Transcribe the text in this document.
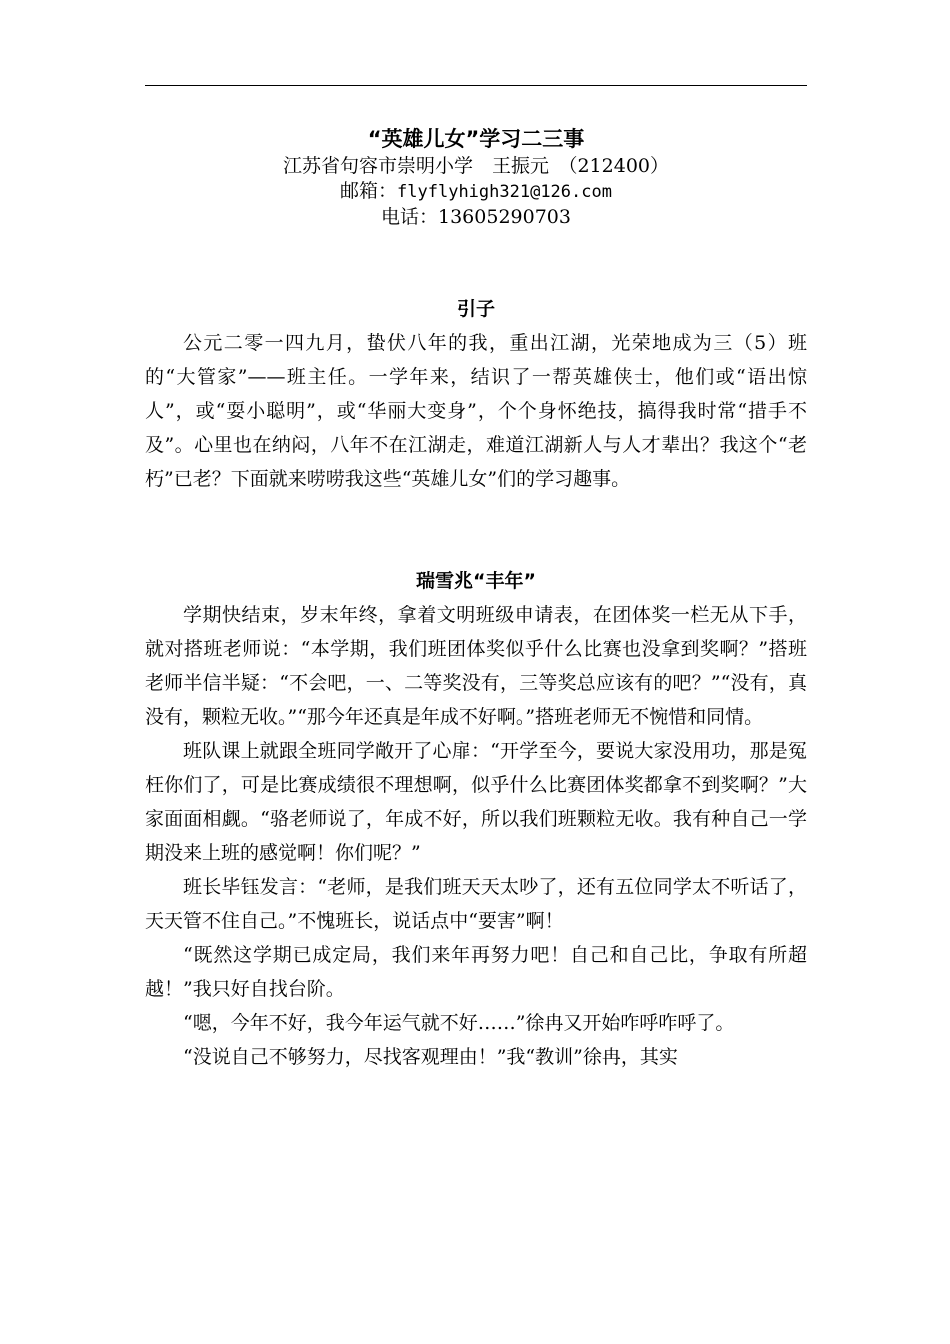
“英雄儿女”学习二三事

江苏省句容市崇明小学　王振元　（212400）

邮箱：flyflyhigh321@126.com

电话：13605290703

引子

公元二零一四九月，蛰伏八年的我，重出江湖，光荣地成为三（5）班的“大管家”——班主任。一学年来，结识了一帮英雄侠士，他们或“语出惊人”，或“耍小聪明”，或“华丽大变身”，个个身怀绝技，搞得我时常“措手不及”。心里也在纳闷，八年不在江湖走，难道江湖新人与人才辈出？我这个“老朽”已老？下面就来唠唠我这些“英雄儿女”们的学习趣事。

瑞雪兆“丰年”

学期快结束，岁末年终，拿着文明班级申请表，在团体奖一栏无从下手，就对搭班老师说：“本学期，我们班团体奖似乎什么比赛也没拿到奖啊？”搭班老师半信半疑：“不会吧，一、二等奖没有，三等奖总应该有的吧？”“没有，真没有，颗粒无收。”“那今年还真是年成不好啊。”搭班老师无不惋惜和同情。

班队课上就跟全班同学敞开了心扉：“开学至今，要说大家没用功，那是冤枉你们了，可是比赛成绩很不理想啊，似乎什么比赛团体奖都拿不到奖啊？”大家面面相觑。“骆老师说了，年成不好，所以我们班颗粒无收。我有种自己一学期没来上班的感觉啊！你们呢？”

班长毕钰发言：“老师，是我们班天天太吵了，还有五位同学太不听话了，天天管不住自己。”不愧班长，说话点中“要害”啊！

“既然这学期已成定局，我们来年再努力吧！自己和自己比，争取有所超越！”我只好自找台阶。

“嗯，今年不好，我今年运气就不好……”徐冉又开始咋呼咋呼了。

“没说自己不够努力，尽找客观理由！”我“教训”徐冉，其实
